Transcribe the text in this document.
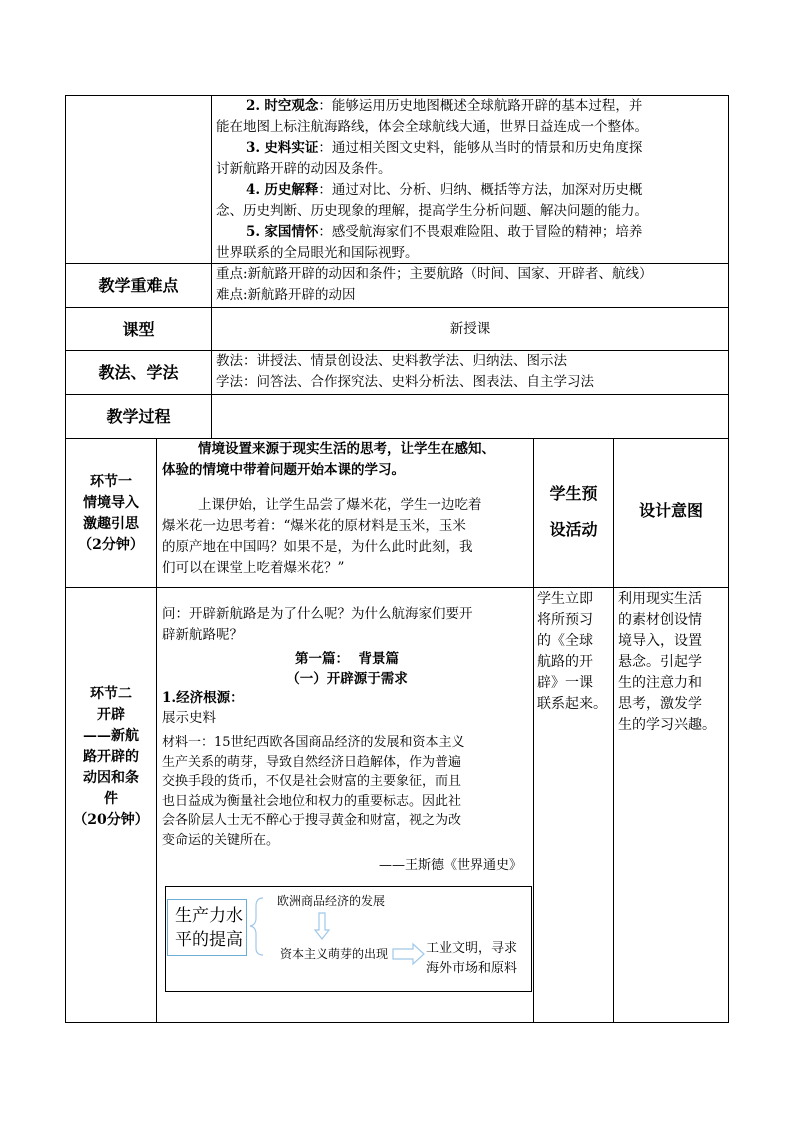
2. 时空观念：能够运用历史地图概述全球航路开辟的基本过程，并
能在地图上标注航海路线，体会全球航线大通，世界日益连成一个整体。
3. 史料实证：通过相关图文史料，能够从当时的情景和历史角度探
讨新航路开辟的动因及条件。
4. 历史解释：通过对比、分析、归纳、概括等方法，加深对历史概
念、历史判断、历史现象的理解，提高学生分析问题、解决问题的能力。
5. 家国情怀：感受航海家们不畏艰难险阻、敢于冒险的精神；培养
世界联系的全局眼光和国际视野。
教学重难点
重点:新航路开辟的动因和条件；主要航路（时间、国家、开辟者、航线）
难点:新航路开辟的动因
课型	新授课
教法、学法
教法：讲授法、情景创设法、史料教学法、归纳法、图示法
学法：问答法、合作探究法、史料分析法、图表法、自主学习法
教学过程
环节一
情境导入
激趣引思
（2分钟）
情境设置来源于现实生活的思考，让学生在感知、
体验的情境中带着问题开始本课的学习。
上课伊始，让学生品尝了爆米花，学生一边吃着
爆米花一边思考着：“爆米花的原材料是玉米，玉米
的原产地在中国吗？如果不是，为什么此时此刻，我
们可以在课堂上吃着爆米花？”
学生预
设活动
设计意图
环节二
开辟
——新航
路开辟的
动因和条
件
（20分钟）
问：开辟新航路是为了什么呢？为什么航海家们要开
辟新航路呢？
第一篇：  背景篇
（一）开辟源于需求
1.经济根源：
展示史料
材料一：15世纪西欧各国商品经济的发展和资本主义
生产关系的萌芽，导致自然经济日趋解体，作为普遍
交换手段的货币，不仅是社会财富的主要象征，而且
也日益成为衡量社会地位和权力的重要标志。因此社
会各阶层人士无不醉心于搜寻黄金和财富，视之为改
变命运的关键所在。
——王斯德《世界通史》
生产力水
平的提高
欧洲商品经济的发展
资本主义萌芽的出现	工业文明，寻求
海外市场和原料
学生立即
将所预习
的《全球
航路的开
辟》一课
联系起来。
利用现实生活
的素材创设情
境导入，设置
悬念。引起学
生的注意力和
思考，激发学
生的学习兴趣。
